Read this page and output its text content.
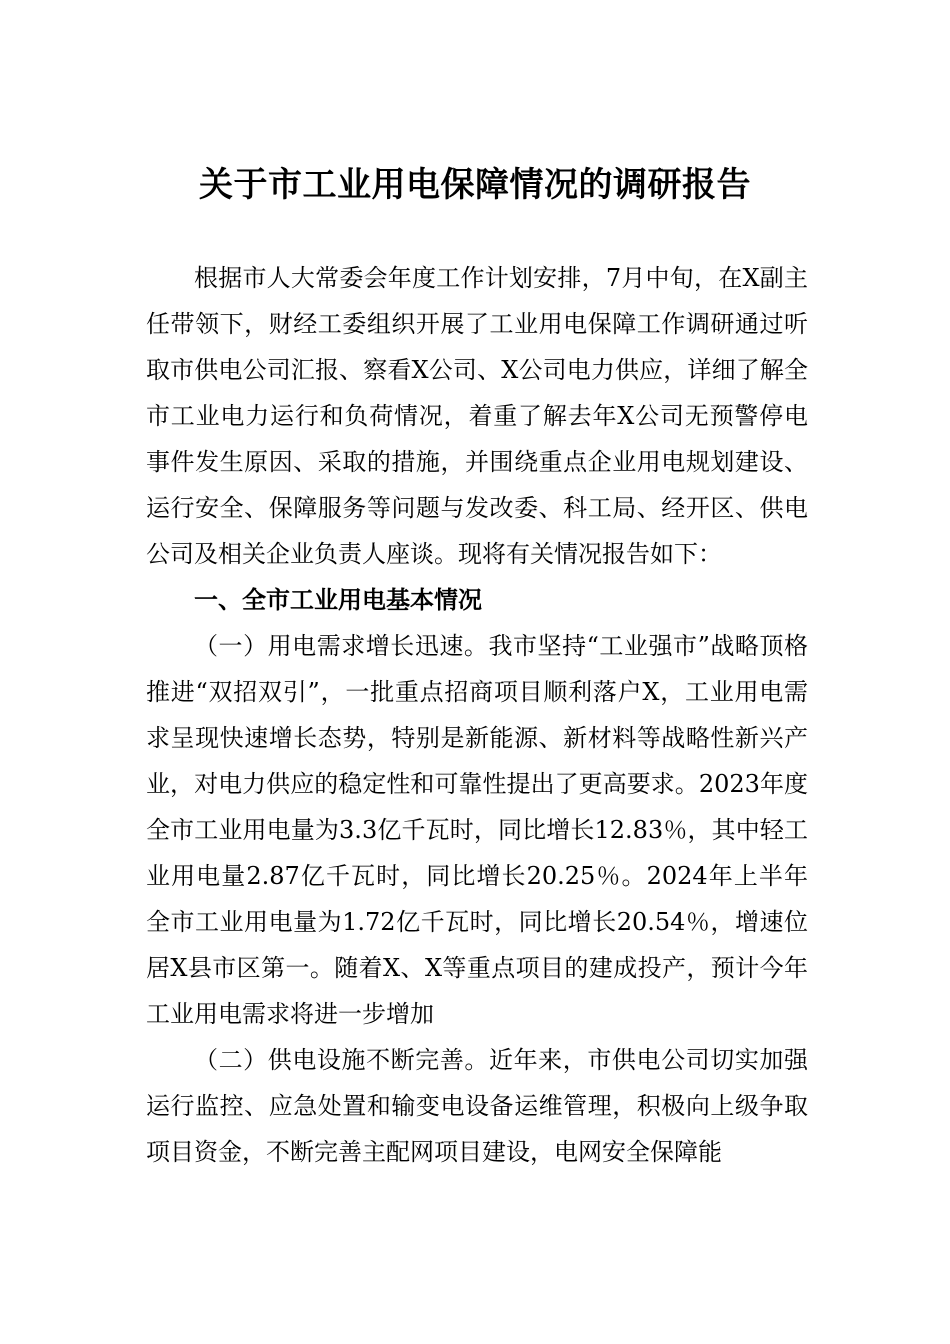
关于市工业用电保障情况的调研报告

根据市人大常委会年度工作计划安排，7月中旬，在X副主任带领下，财经工委组织开展了工业用电保障工作调研通过听取市供电公司汇报、察看X公司、X公司电力供应，详细了解全市工业电力运行和负荷情况，着重了解去年X公司无预警停电事件发生原因、采取的措施，并围绕重点企业用电规划建设、运行安全、保障服务等问题与发改委、科工局、经开区、供电公司及相关企业负责人座谈。现将有关情况报告如下：

一、全市工业用电基本情况

（一）用电需求增长迅速。我市坚持“工业强市”战略顶格推进“双招双引”，一批重点招商项目顺利落户X，工业用电需求呈现快速增长态势，特别是新能源、新材料等战略性新兴产业，对电力供应的稳定性和可靠性提出了更高要求。2023年度全市工业用电量为3.3亿千瓦时，同比增长12.83％，其中轻工业用电量2.87亿千瓦时，同比增长20.25％。2024年上半年全市工业用电量为1.72亿千瓦时，同比增长20.54％，增速位居X县市区第一。随着X、X等重点项目的建成投产，预计今年工业用电需求将进一步增加

（二）供电设施不断完善。近年来，市供电公司切实加强运行监控、应急处置和输变电设备运维管理，积极向上级争取项目资金，不断完善主配网项目建设，电网安全保障能
